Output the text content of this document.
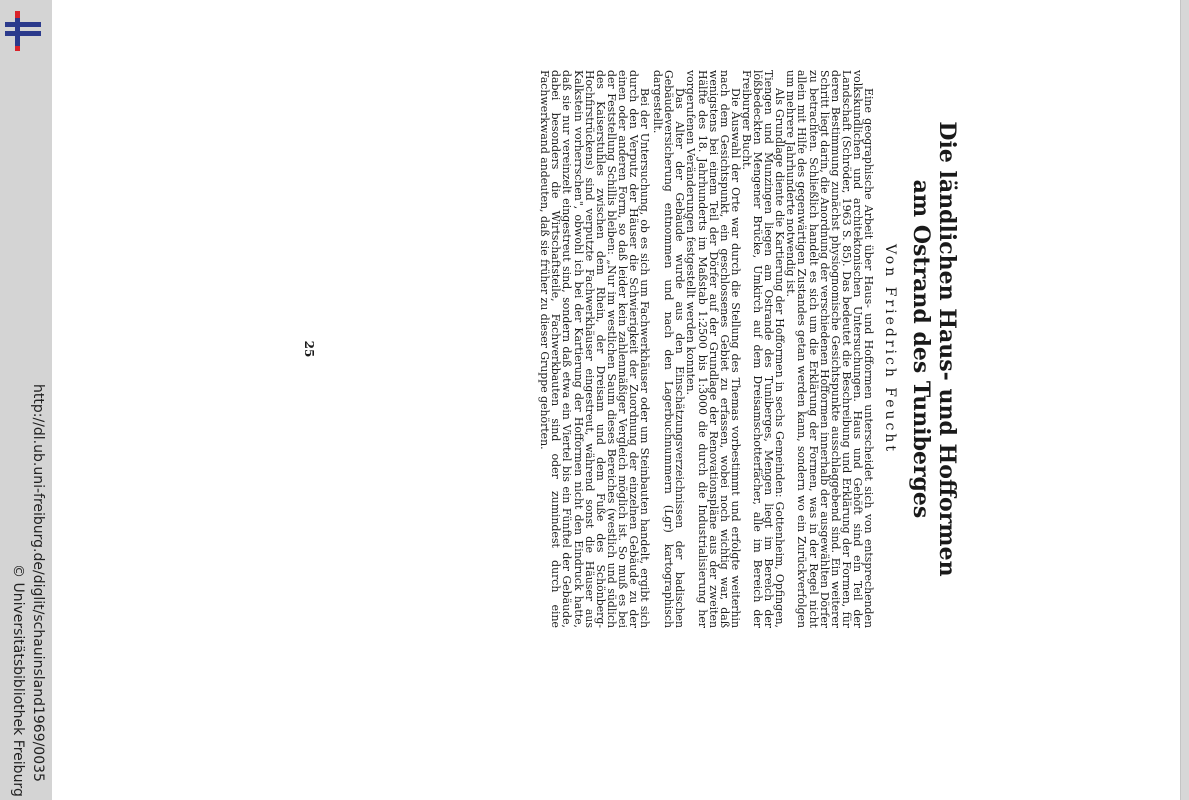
http://dl.ub.uni-freiburg.de/diglit/schauinsland1969/0035
© Universitätsbibliothek Freiburg
Die ländlichen Haus- und Hofformen
am Ostrand des Tuniberges
Von Friedrich Feucht

Eine geographische Arbeit über Haus- und Hofformen unterscheidet sich von entsprechenden volkskundlichen und architektonischen Untersuchungen. Haus und Gehöft sind ein Teil der Landschaft (Schröder, 1963 S. 85). Das bedeutet die Beschreibung und Erklärung der Formen, für deren Bestimmung zunächst physiognomische Gesichtspunkte ausschlaggebend sind. Ein weiterer Schritt liegt darin, die Anordnung der verschiedenen Hofformen innerhalb der ausgewählten Dörfer zu betrachten. Schließlich handelt es sich um die Erklärung der Formen, was in der Regel nicht allein mit Hilfe des gegenwärtigen Zustandes getan werden kann, sondern wo ein Zurückverfolgen um mehrere Jahrhunderte notwendig ist.

Als Grundlage diente die Kartierung der Hofformen in sechs Gemeinden: Gottenheim, Opfingen, Tiengen und Munzingen liegen am Ostrande des Tuniberges, Mengen liegt im Bereich der lößbedeckten Mengener Brücke, Umkirch auf dem Dreisamschotterfächer, alle im Bereich der Freiburger Bucht.

Die Auswahl der Orte war durch die Stellung des Themas vorbestimmt und erfolgte weiterhin nach dem Gesichtspunkt, ein geschlossenes Gebiet zu erfassen, wobei noch wichtig war, daß wenigstens bei einem Teil der Dörfer auf der Grundlage der Renovationspläne aus der zweiten Hälfte des 18. Jahrhunderts im Maßstab 1:2500 bis 1:3000 die durch die Industrialisierung her vorgerufenen Veränderungen festgestellt werden konnten.

Das Alter der Gebäude wurde aus den Einschätzungsverzeichnissen der badischen Gebäudeversicherung entnommen und nach den Lagerbuchnummern (Lgr) kartographisch dargestellt.

Bei der Untersuchung, ob es sich um Fachwerkhäuser oder um Steinbauten handelt, ergibt sich durch den Verputz der Häuser die Schwierigkeit der Zuordnung der einzelnen Gebäude zu der einen oder anderen Form, so daß leider kein zahlenmäßiger Vergleich möglich ist. So muß es bei der Feststellung Schillis bleiben: „Nur im westlichen Saum dieses Bereiches (westlich und südlich des Kaiserstuhles zwischen dem Rhein, der Dreisam und dem Fuße des Schönberg-Hochfirstrückens) sind verputzte Fachwerkhäuser eingestreut, während sonst die Häuser aus Kalkstein vorherrschen", obwohl ich bei der Kartierung der Hofformen nicht den Eindruck hatte, daß sie nur vereinzelt eingestreut sind, sondern daß etwa ein Viertel bis ein Fünftel der Gebäude, dabei besonders die Wirtschaftsteile, Fachwerkbauten sind oder zumindest durch eine Fachwerkwand andeuten, daß sie früher zu dieser Gruppe gehörten.

25
